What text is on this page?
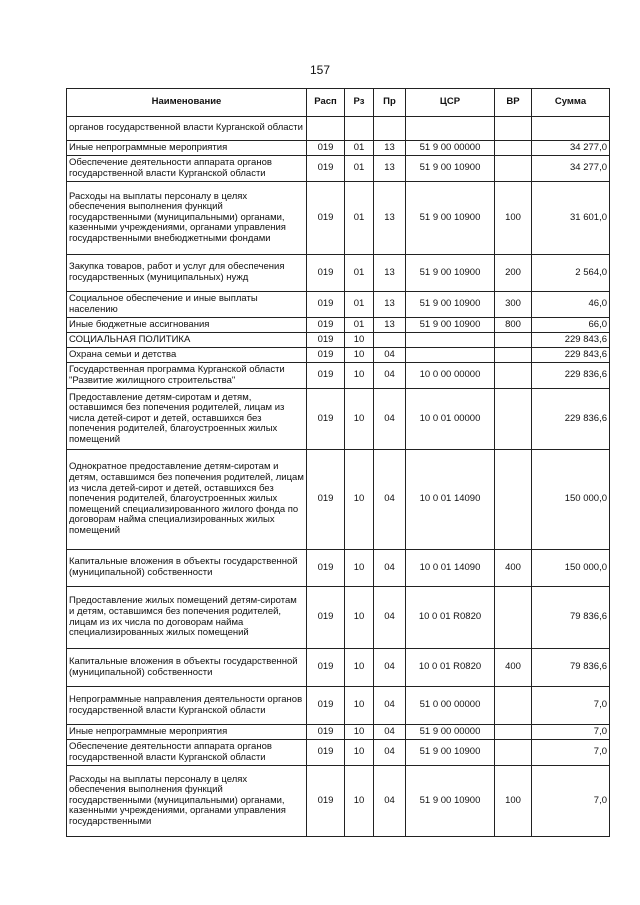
157
Наименование	Расп	Рз	Пр	ЦСР	ВР	Сумма
органов государственной власти Курганской области						
Иные непрограммные мероприятия	019	01	13	51 9 00 00000		34 277,0
Обеспечение деятельности аппарата органов государственной власти Курганской области	019	01	13	51 9 00 10900		34 277,0
Расходы на выплаты персоналу в целях обеспечения выполнения функций государственными (муниципальными) органами, казенными учреждениями, органами управления государственными внебюджетными фондами	019	01	13	51 9 00 10900	100	31 601,0
Закупка товаров, работ и услуг для обеспечения государственных (муниципальных) нужд	019	01	13	51 9 00 10900	200	2 564,0
Социальное обеспечение и иные выплаты населению	019	01	13	51 9 00 10900	300	46,0
Иные бюджетные ассигнования	019	01	13	51 9 00 10900	800	66,0
СОЦИАЛЬНАЯ ПОЛИТИКА	019	10				229 843,6
Охрана семьи и детства	019	10	04			229 843,6
Государственная программа Курганской области "Развитие жилищного строительства"	019	10	04	10 0 00 00000		229 836,6
Предоставление детям-сиротам и детям, оставшимся без попечения родителей, лицам из числа детей-сирот и детей, оставшихся без попечения родителей, благоустроенных жилых помещений	019	10	04	10 0 01 00000		229 836,6
Однократное предоставление детям-сиротам и детям, оставшимся без попечения родителей, лицам из числа детей-сирот и детей, оставшихся без попечения родителей, благоустроенных жилых помещений специализированного жилого фонда по договорам найма специализированных жилых помещений	019	10	04	10 0 01 14090		150 000,0
Капитальные вложения в объекты государственной (муниципальной) собственности	019	10	04	10 0 01 14090	400	150 000,0
Предоставление жилых помещений детям-сиротам и детям, оставшимся без попечения родителей, лицам из их числа по договорам найма специализированных жилых помещений	019	10	04	10 0 01 R0820		79 836,6
Капитальные вложения в объекты государственной (муниципальной) собственности	019	10	04	10 0 01 R0820	400	79 836,6
Непрограммные направления деятельности органов государственной власти Курганской области	019	10	04	51 0 00 00000		7,0
Иные непрограммные мероприятия	019	10	04	51 9 00 00000		7,0
Обеспечение деятельности аппарата органов государственной власти Курганской области	019	10	04	51 9 00 10900		7,0
Расходы на выплаты персоналу в целях обеспечения выполнения функций государственными (муниципальными) органами, казенными учреждениями, органами управления государственными	019	10	04	51 9 00 10900	100	7,0
